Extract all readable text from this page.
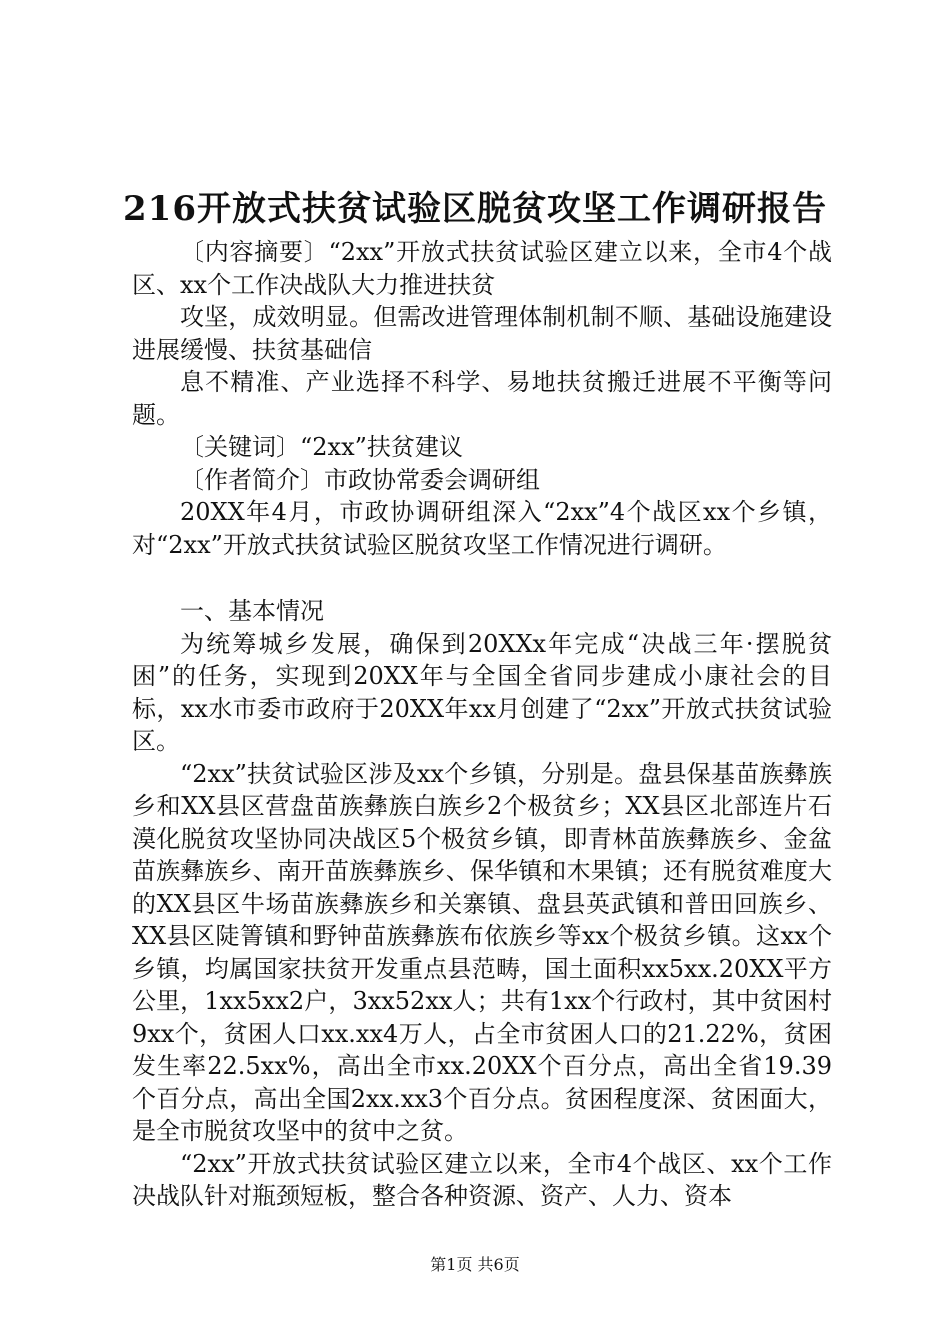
216开放式扶贫试验区脱贫攻坚工作调研报告

〔内容摘要〕“2xx”开放式扶贫试验区建立以来，全市4个战区、xx个工作决战队大力推进扶贫

攻坚，成效明显。但需改进管理体制机制不顺、基础设施建设进展缓慢、扶贫基础信

息不精准、产业选择不科学、易地扶贫搬迁进展不平衡等问题。

〔关键词〕“2xx”扶贫建议

〔作者简介〕市政协常委会调研组

20XX年4月，市政协调研组深入“2xx”4个战区xx个乡镇，对“2xx”开放式扶贫试验区脱贫攻坚工作情况进行调研。

一、基本情况

为统筹城乡发展，确保到20XXx年完成“决战三年·摆脱贫困”的任务，实现到20XX年与全国全省同步建成小康社会的目标，xx水市委市政府于20XX年xx月创建了“2xx”开放式扶贫试验区。

“2xx”扶贫试验区涉及xx个乡镇，分别是。盘县保基苗族彝族乡和XX县区营盘苗族彝族白族乡2个极贫乡；XX县区北部连片石漠化脱贫攻坚协同决战区5个极贫乡镇，即青林苗族彝族乡、金盆苗族彝族乡、南开苗族彝族乡、保华镇和木果镇；还有脱贫难度大的XX县区牛场苗族彝族乡和关寨镇、盘县英武镇和普田回族乡、XX县区陡箐镇和野钟苗族彝族布依族乡等xx个极贫乡镇。这xx个乡镇，均属国家扶贫开发重点县范畴，国土面积xx5xx.20XX平方公里，1xx5xx2户，3xx52xx人；共有1xx个行政村，其中贫困村9xx个，贫困人口xx.xx4万人，占全市贫困人口的21.22%，贫困发生率22.5xx%，高出全市xx.20XX个百分点，高出全省19.39个百分点，高出全国2xx.xx3个百分点。贫困程度深、贫困面大，是全市脱贫攻坚中的贫中之贫。

“2xx”开放式扶贫试验区建立以来，全市4个战区、xx个工作决战队针对瓶颈短板，整合各种资源、资产、人力、资本

第1页 共6页
